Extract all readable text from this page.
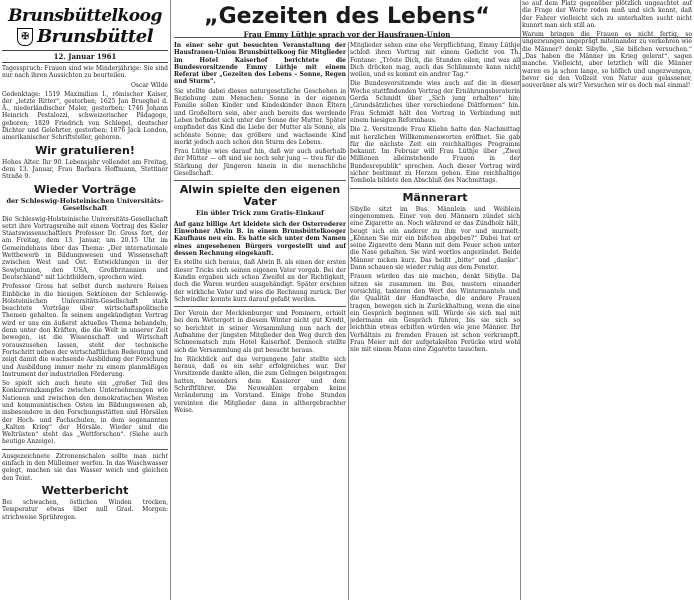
Brunsbüttelkoog
✠ Brunsbüttel
12. Januar 1961

Tagesspruch: Frauen sind wie Minderjährige: Sie sind nur nach ihren Aussichten zu beurteilen.

Oscar Wilde

Gedenktage: 1519 Maximilian I., römischer Kaiser, der „letzte Ritter“, gestorben; 1625 Jan Brueghel d. Ä., niederländischer Maler, gestorben; 1746 Johann Heinrich Pestalozzi, schweizerischer Pädagoge, geboren; 1829 Friedrich von Schlegel, deutscher Dichter und Gelehrter, gestorben; 1876 Jack London, amerikanischer Schriftsteller, geboren.

Wir gratulieren!

Hohes Alter. Ihr 90. Lebensjahr vollendet am Freitag, dem 13. Januar, Frau Barbara Hoffmann, Stettiner Straße 9.

Wieder Vorträge
der Schleswig-Holsteinischen Universitäts-Gesellschaft

Die Schleswig-Holsteinische Universitäts-Gesellschaft setzt ihre Vortragsreihe mit einem Vortrag des Kieler Staatswissenschaftlers Professor Dr. Gross fort, der am Freitag, dem 13. Januar, um 20.15 Uhr im Gemeindehaus über das Thema: „Der internationale Wettbewerb in Bildungswesen und Wissenschaft zwischen West und Ost. Entwicklungen in der Sowjetunion, den USA, Großbritannien und Deutschland“ mit Lichtbildern, sprechen wird.

Professor Gross hat selbst durch mehrere Reisen Einblicke in die hiesigen Sektionen der Schleswig-Holsteinischen Universitäts-Gesellschaft stark beachtete Vorträge über wirtschaftspolitische Themen gehalten. In seinem angekündigten Vortrag wird er uns ein äußerst aktuelles Thema behandeln, denn unter den Kräften, die die Welt in unserer Zeit bewegen, ist die Wissenschaft und Wirtschaft vorauszusehen lassen, steht der technische Fortschritt neben der wirtschaftlichen Bedeutung und zeigt damit die wachsende Ausbildung der Forschung und Ausbildung immer mehr zu einem planmäßigen Instrument der industriellen Förderung.

So spielt sich auch heute ein „großer Teil des Konkurrenzkampfes zwischen Unternehmungen wie Nationen und zwischen den demokratischen Westen und kommunistischen Osten im Bildungswesen ab, insbesondere in den Forschungsstätten und Hörsälen der Hoch- und Fachschulen, in dem sogenannten „Kalten Krieg“ der Hörsäle. Wieder sind die Weltrüsten“ steht das „Wettforschen“. (Siehe auch heutige Anzeige).

Ausgezeichnete Zitronenschalen sollte man nicht einfach in den Mülleimer werfen. In das Waschwasser gelegt, machen sie das Wasser weich und gleichen den Teint.

Wetterbericht

Bei schwachen, östlichen Winden trocken, Temperatur etwas über null Grad. Morgen: strichweise Sprühregen.

„Gezeiten des Lebens“
Frau Emmy Lüthje sprach vor der Hausfrauen-Union

In einer sehr gut besuchten Veranstaltung der Hausfrauen-Union Brunsbüttelkoog für Mitglieder im Hotel Kaiserhof berichtete die Bundesvorsitzende Emmy Lüthje mit einem Referat über „Gezeiten des Lebens – Sonne, Regen und Sturm“.

Sie stellte dabei dieses naturgesetzliche Geschehen in Beziehung zum Menschen: Sonne in der eigenen Familie sollen Kinder und Kindeskinder ihnen Eltern und Großeltern sein, aber auch bereits das werdende Leben befindet sich unter der Sonne der Mutter. Später empfindet das Kind die Liebe der Mutter als Sonne, als schönste Sonne; das größere und wachsende Kind merkt jedoch auch schon den Sturm des Lebens.

Frau Lüthje wies darauf hin, daß wir auch außerhalb der Mütter — oft sind sie noch sehr jung — treu für die Stärkung der Jüngeren hinein in die menschliche Gesellschaft.

Alwin spielte den eigenen Vater
Ein übler Trick zum Gratis-Einkauf

Auf ganz billige Art kleidete sich der Osterroderer Einwohner Alwin B. in einem Brunsbüttelkooger Kaufhaus neu ein. Es hatte sich unter dem Namen eines angesehenen Bürgers vorgestellt und auf dessen Rechnung eingekauft.

Es stellte sich heraus, daß Alwin B. als einen der ersten dieser Tricks sich seinen eigenen Vater vorgab. Bei der Kundin ergaben sich schon Zweifel an der Richtigkeit, doch die Waren wurden ausgehändigt. Später erschien der wirkliche Vater und wies die Rechnung zurück. Der Schwindler konnte kurz darauf gefaßt werden.

Der Verein der Mecklenburger und Pommern, erhielt bei dem Wettergott in diesem Winter nicht gut Kredit, so berichtet in seiner Versammlung nun nach der Aufnahme der jüngsten Mitglieder den Weg durch den Schneematsch zum Hotel Kaiserhof. Dennoch stellte sich die Versammlung als gut besucht heraus.

Im Rückblick auf das vergangene Jahr stellte sich heraus, daß es ein sehr erfolgreiches war. Der Vorsitzende dankte allen, die zum Gelingen beigetragen hatten, besonders dem Kassierer und dem Schriftführer. Die Neuwahlen ergaben keine Veränderung im Vorstand. Einige frohe Stunden vereinten die Mitglieder dann in althergebrachter Weise.

Mitglieder sehen eine ehe Verpflichtung, Emmy Lüthje schloß ihren Vortrag mit einem Gedicht von Th. Fontane: „Tröste Dich, die Stunden eilen, und was all Dich drücken mag, auch das Schlimmste kann nicht weilen, und es kommt ein andrer Tag.“

Die Bundesvorsitzende wies auch auf die in dieser Woche stattfindenden Vortrag der Ernährungsberaterin Gerda Schmidt über „Sich jung erhalten“ hin; „Grundsätzliches über verschiedene Diätformen“ hin. Frau Schmidt hält den Vortrag in Verbindung mit einem hiesigen Reformhaus.

Die 2. Vorsitzende Frau Kliehn hatte den Nachmittag mit herzlichen Willkommensworten eröffnet. Sie gab für die nächste Zeit ein reichhaltiges Programm bekannt. Im Februar will Frau Lüthje über „Zwei Millionen alleinstehende Frauen in der Bundesrepublik“ sprechen. Auch dieser Vortrag wird sicher bestimmt zu Herzen gehen. Eine reichhaltige Tombola bildete den Abschluß des Nachmittags.

Männerart

Sibylle sitzt im Bus. Männlein und Weiblein eingenommen. Einer von den Männern zündet sich eine Zigarette an. Noch während er das Zündholz hält, beugt sich ein anderer zu ihm vor und murmelt: „Können Sie mir ein bißchen abgeben?“ Dabei hat er seine Zigarette dem Mann mit dem Feuer schon unter die Nase gehalten. Sie wird wortlos angezündet. Beide Männer nicken kurz. Das heißt „bitte“ und „danke“. Dann schauen sie wieder ruhig aus dem Fenster.

Frauen würden das nie machen, denkt Sibylle. Da sitzen sie zusammen im Bus, mustern einander vorsichtig, taxieren den Wert des Wintermantels und die Qualität der Handtasche, die andere Frauen tragen, bewegen sich in Zurückhaltung, wenn die eine ein Gespräch beginnen will. Würde sie sich mal mit jedermann ein Gespräch führen, bis sie sich so leichthin etwas erbitten würden wie jene Männer. Ihr Verhältnis zu fremden Frauen ist schon verkrampft. Frau Meier mit der aufgetakelten Perücke wird wohl nie mit einem Mann eine Zigarette tauschen.

so auf dem Platz gegenüber plötzlich ungeachtet auf die Frage der Worte reden muß und sich kennt, daß der Fahrer vielleicht sich zu unterhalten sucht nicht kunnrt man sich still an.

Warum bringen die Frauen es nicht fertig, so ungezwungen ungeprägt miteinander zu verkehren wie die Männer? denkt Sibylle. „Sie bißchen versuchen.“ „Das haben die Männer im Krieg gelernt“, sagen manche. Vielleicht, aber letztlich will die Männer waren es ja schon lange, so höflich und ungezwungen, bevor sie den Vollzeit von Natur aus gelassener, souveräner als wir? Versuchen wir es doch mal einmal!
